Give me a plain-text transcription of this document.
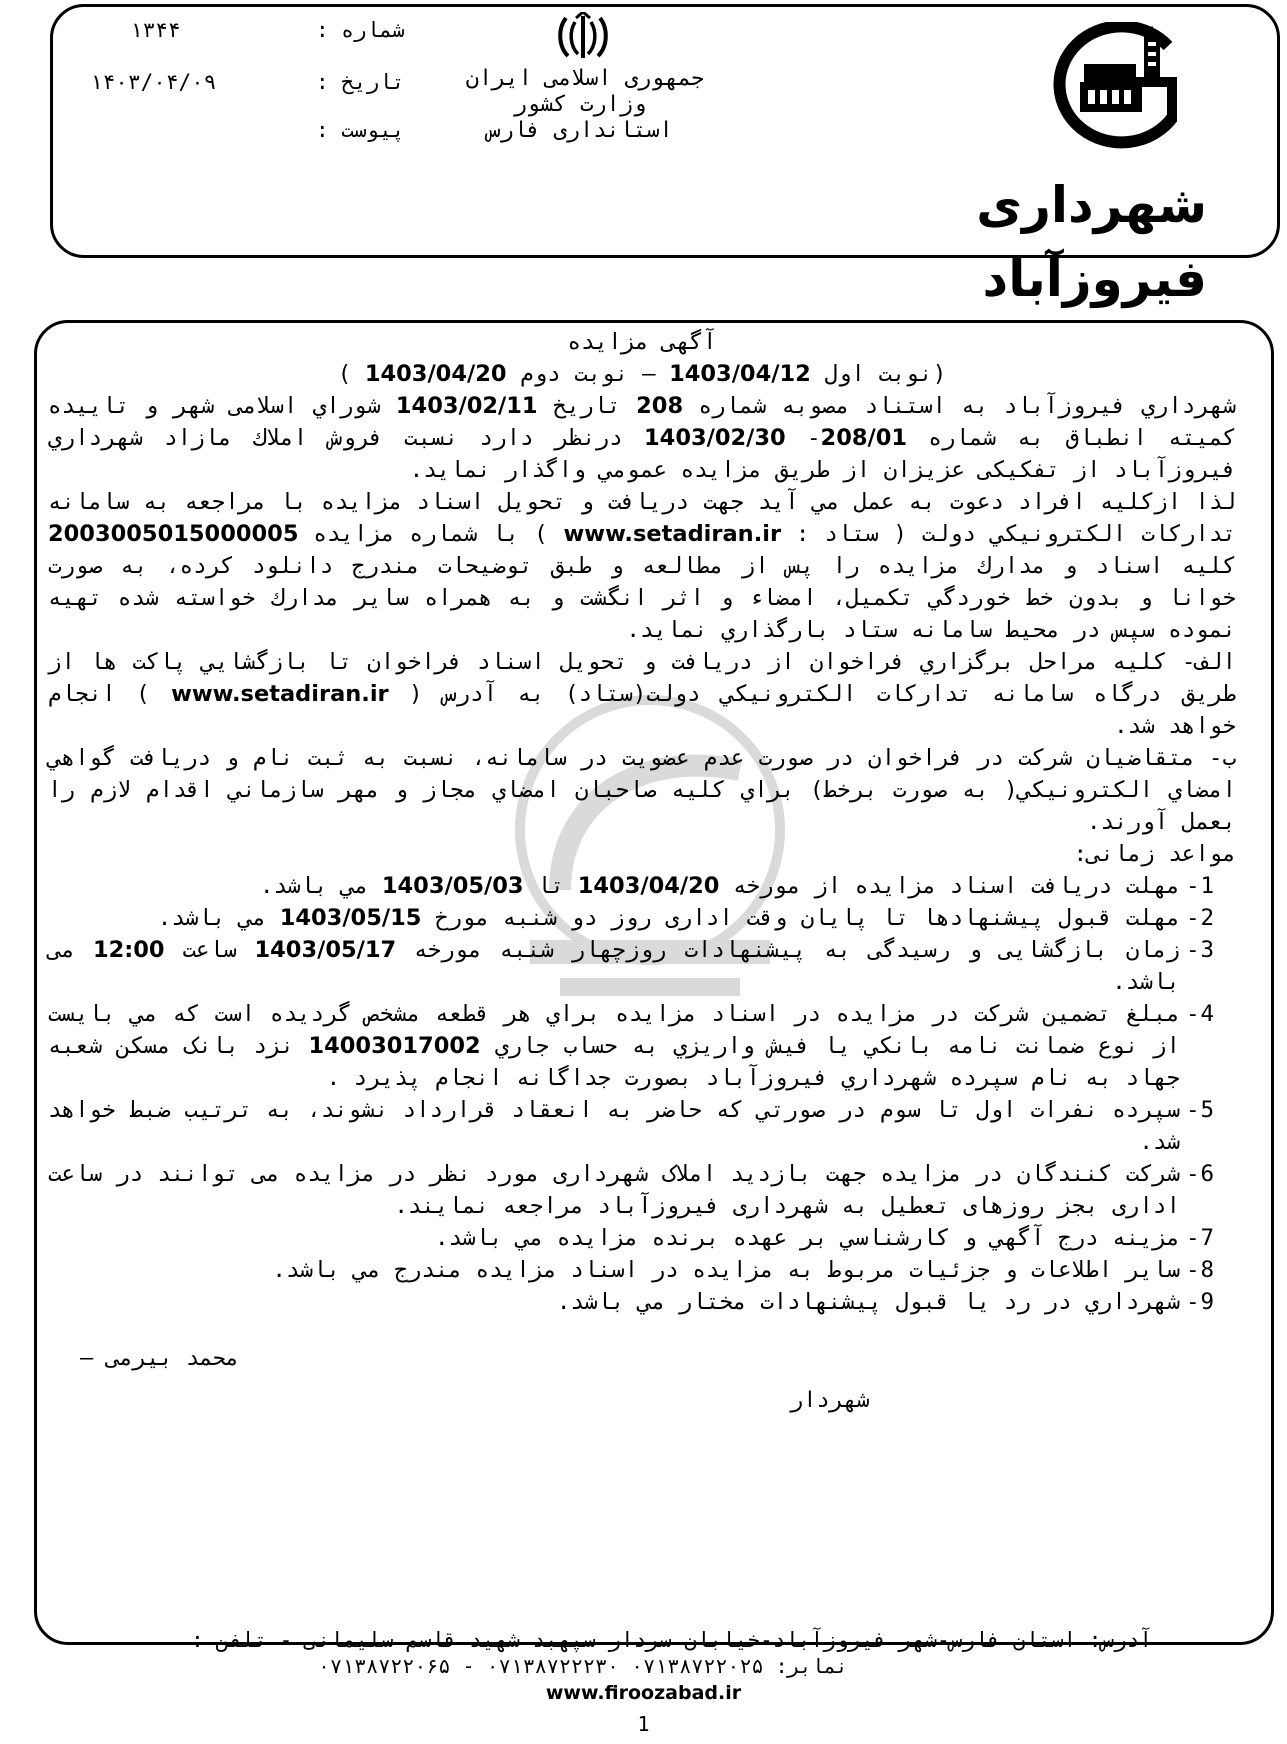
شماره :
۱۳۴۴
تاریخ :
۱۴۰۳/۰۴/۰۹
پیوست :
جمهوری اسلامی ایران
وزارت کشور
استانداری فارس
شهرداری
فیروزآباد

آگهی مزایده

(نوبت اول 1403/04/12 – نوبت دوم 1403/04/20 )

شهرداري فيروزآباد به استناد مصوبه شماره 208 تاريخ 1403/02/11 شوراي اسلامی شهر و تاييده کميته انطباق به شماره 208/01- 1403/02/30 درنظر دارد نسبت فروش املاك مازاد شهرداري فيروزآباد از تفکیکی عزیزان از طريق مزايده عمومي واگذار نمايد.

لذا ازکليه افراد دعوت به عمل مي آيد جهت دريافت و تحويل اسناد مزايده با مراجعه به سامانه تدارکات الکترونيکي دولت ( ستاد : www.setadiran.ir ) با شماره مزايده 2003005015000005 کليه اسناد و مدارك مزايده را پس از مطالعه و طبق توضيحات مندرج دانلود کرده، به صورت خوانا و بدون خط خوردگي تکميل، امضاء و اثر انگشت و به همراه ساير مدارك خواسته شده تهيه نموده سپس در محيط سامانه ستاد بارگذاري نمايد.

الف- کليه مراحل برگزاري فراخوان از دريافت و تحويل اسناد فراخوان تا بازگشايي پاکت ها از طريق درگاه سامانه تدارکات الکترونيکي دولت(ستاد) به آدرس ( www.setadiran.ir ) انجام خواهد شد.

ب- متقاضيان شرکت در فراخوان در صورت عدم عضويت در سامانه، نسبت به ثبت نام و دريافت گواهي امضاي الکترونيکي( به صورت برخط) براي کليه صاحبان امضاي مجاز و مهر سازماني اقدام لازم را بعمل آورند.

مواعد زمانی:

-1
مهلت دريافت اسناد مزايده از مورخه 1403/04/20 تا 1403/05/03 مي باشد.
-2
مهلت قبول پیشنهادها تا پایان وقت اداری روز دو شنبه مورخ 1403/05/15 مي باشد.
-3
زمان بازگشایی و رسیدگی به پیشنهادات روزچهار شنبه مورخه 1403/05/17 ساعت 12:00 می باشد.
-4
مبلغ تضمین شرکت در مزايده در اسناد مزايده براي هر قطعه مشخص گرديده است كه مي بايست از نوع ضمانت نامه بانكي يا فيش واريزي به حساب جاري 14003017002 نزد بانک مسکن شعبه جهاد به نام سپرده شهرداري فيروزآباد بصورت جداگانه انجام پذيرد .
-5
سپرده نفرات اول تا سوم در صورتي كه حاضر به انعقاد قرارداد نشوند، به ترتيب ضبط خواهد شد.
-6
شرکت کنندگان در مزایده جهت بازدید املاک شهرداری مورد نظر در مزایده می توانند در ساعت اداری بجز روزهای تعطیل به شهرداری فیروزآباد مراجعه نمایند.
-7
مزينه درج آگهي و كارشناسي بر عهده برنده مزايده مي باشد.
-8
ساير اطلاعات و جزئيات مربوط به مزايده در اسناد مزايده مندرج مي باشد.
-9
شهرداري در رد يا قبول پيشنهادات مختار مي باشد.
محمد بیرمی –
شهردار
آدرس: استان فارس-شهر فیروزآباد-خیابان سردار سپهبد شهید قاسم سلیمانی - تلفن :
۰۷۱۳۸۷۲۲۰۶۵ - ۰۷۱۳۸۷۲۲۲۳۰ نمابر: ۰۷۱۳۸۷۲۲۰۲۵
www.firoozabad.ir
1
